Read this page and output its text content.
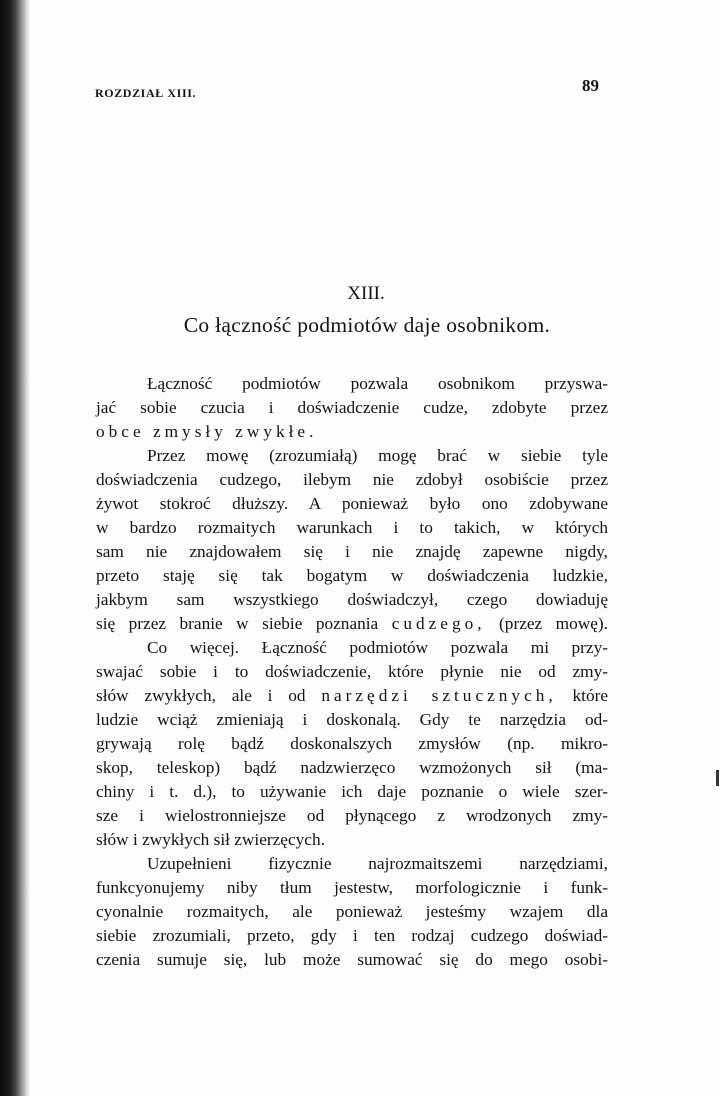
ROZDZIAŁ XIII.	89
XIII.
Co łączność podmiotów daje osobnikom.
Łączność podmiotów pozwala osobnikom przyswa-
jać sobie czucia i doświadczenie cudze, zdobyte przez
obce zmysły zwykłe.
Przez mowę (zrozumiałą) mogę brać w siebie tyle
doświadczenia cudzego, ilebym nie zdobył osobiście przez
żywot stokroć dłuższy. A ponieważ było ono zdobywane
w bardzo rozmaitych warunkach i to takich, w których
sam nie znajdowałem się i nie znajdę zapewne nigdy,
przeto staję się tak bogatym w doświadczenia ludzkie,
jakbym sam wszystkiego doświadczył, czego dowiaduję
się przez branie w siebie poznania cudzego, (przez mowę).
Co więcej. Łączność podmiotów pozwala mi przy-
swajać sobie i to doświadczenie, które płynie nie od zmy-
słów zwykłych, ale i od narzędzi sztucznych, które
ludzie wciąż zmieniają i doskonalą. Gdy te narzędzia od-
grywają rolę bądź doskonalszych zmysłów (np. mikro-
skop, teleskop) bądź nadzwierzęco wzmożonych sił (ma-
chiny i t. d.), to używanie ich daje poznanie o wiele szer-
sze i wielostronniejsze od płynącego z wrodzonych zmy-
słów i zwykłych sił zwierzęcych.
Uzupełnieni fizycznie najrozmaitszemi narzędziami,
funkcyonujemy niby tłum jestestw, morfologicznie i funk-
cyonalnie rozmaitych, ale ponieważ jesteśmy wzajem dla
siebie zrozumiali, przeto, gdy i ten rodzaj cudzego doświad-
czenia sumuje się, lub może sumować się do mego osobi-
